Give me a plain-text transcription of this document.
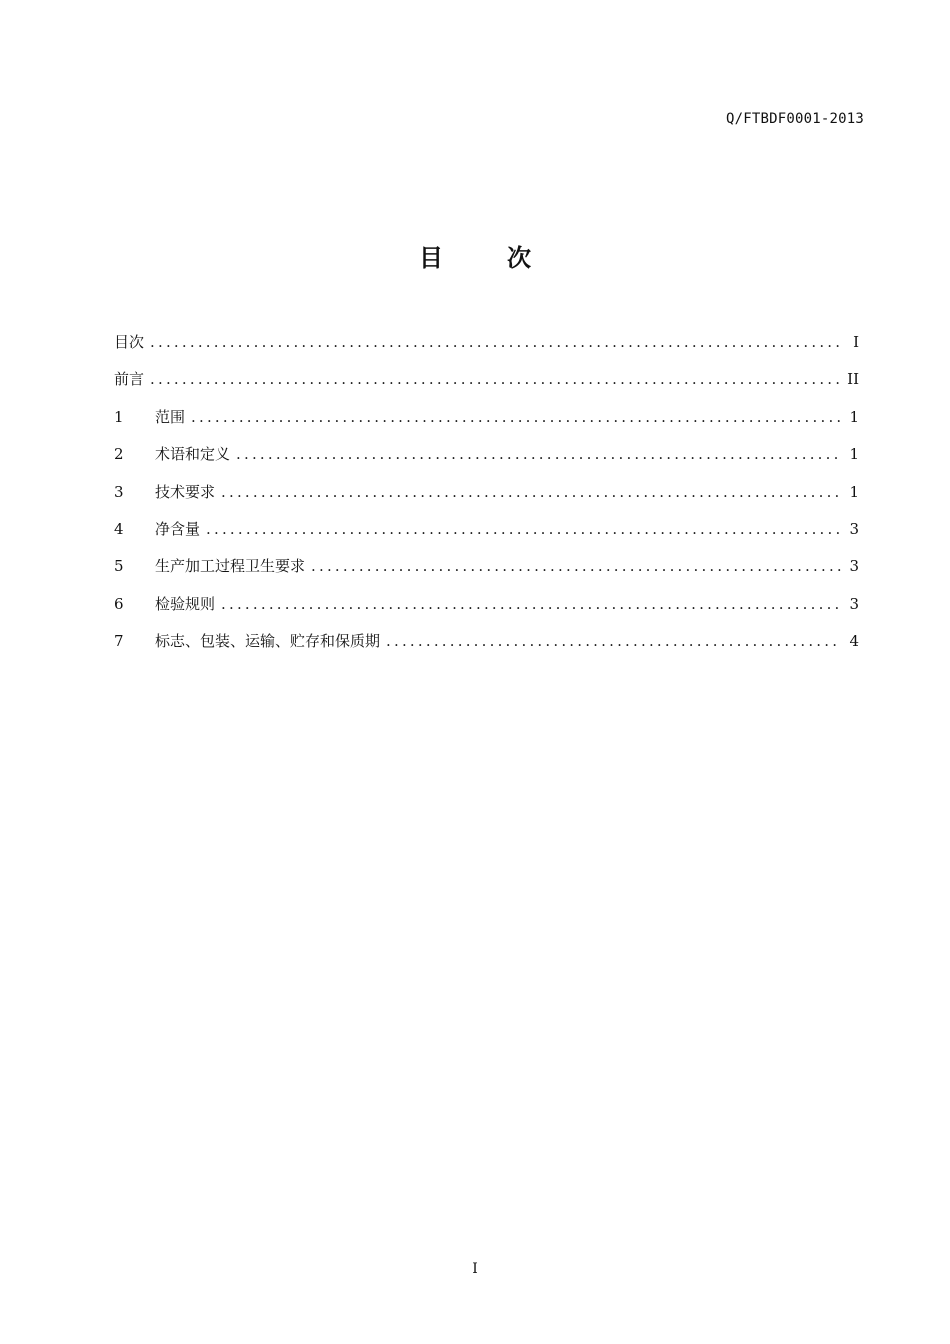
Q/FTBDF0001-2013
目	次
目次 .....	I
前言 .....	II
1	范围 .....	1
2	术语和定义 .....	1
3	技术要求 .....	1
4	净含量 .....	3
5	生产加工过程卫生要求 .....	3
6	检验规则 .....	3
7	标志、包装、运输、贮存和保质期 .....	4
I
